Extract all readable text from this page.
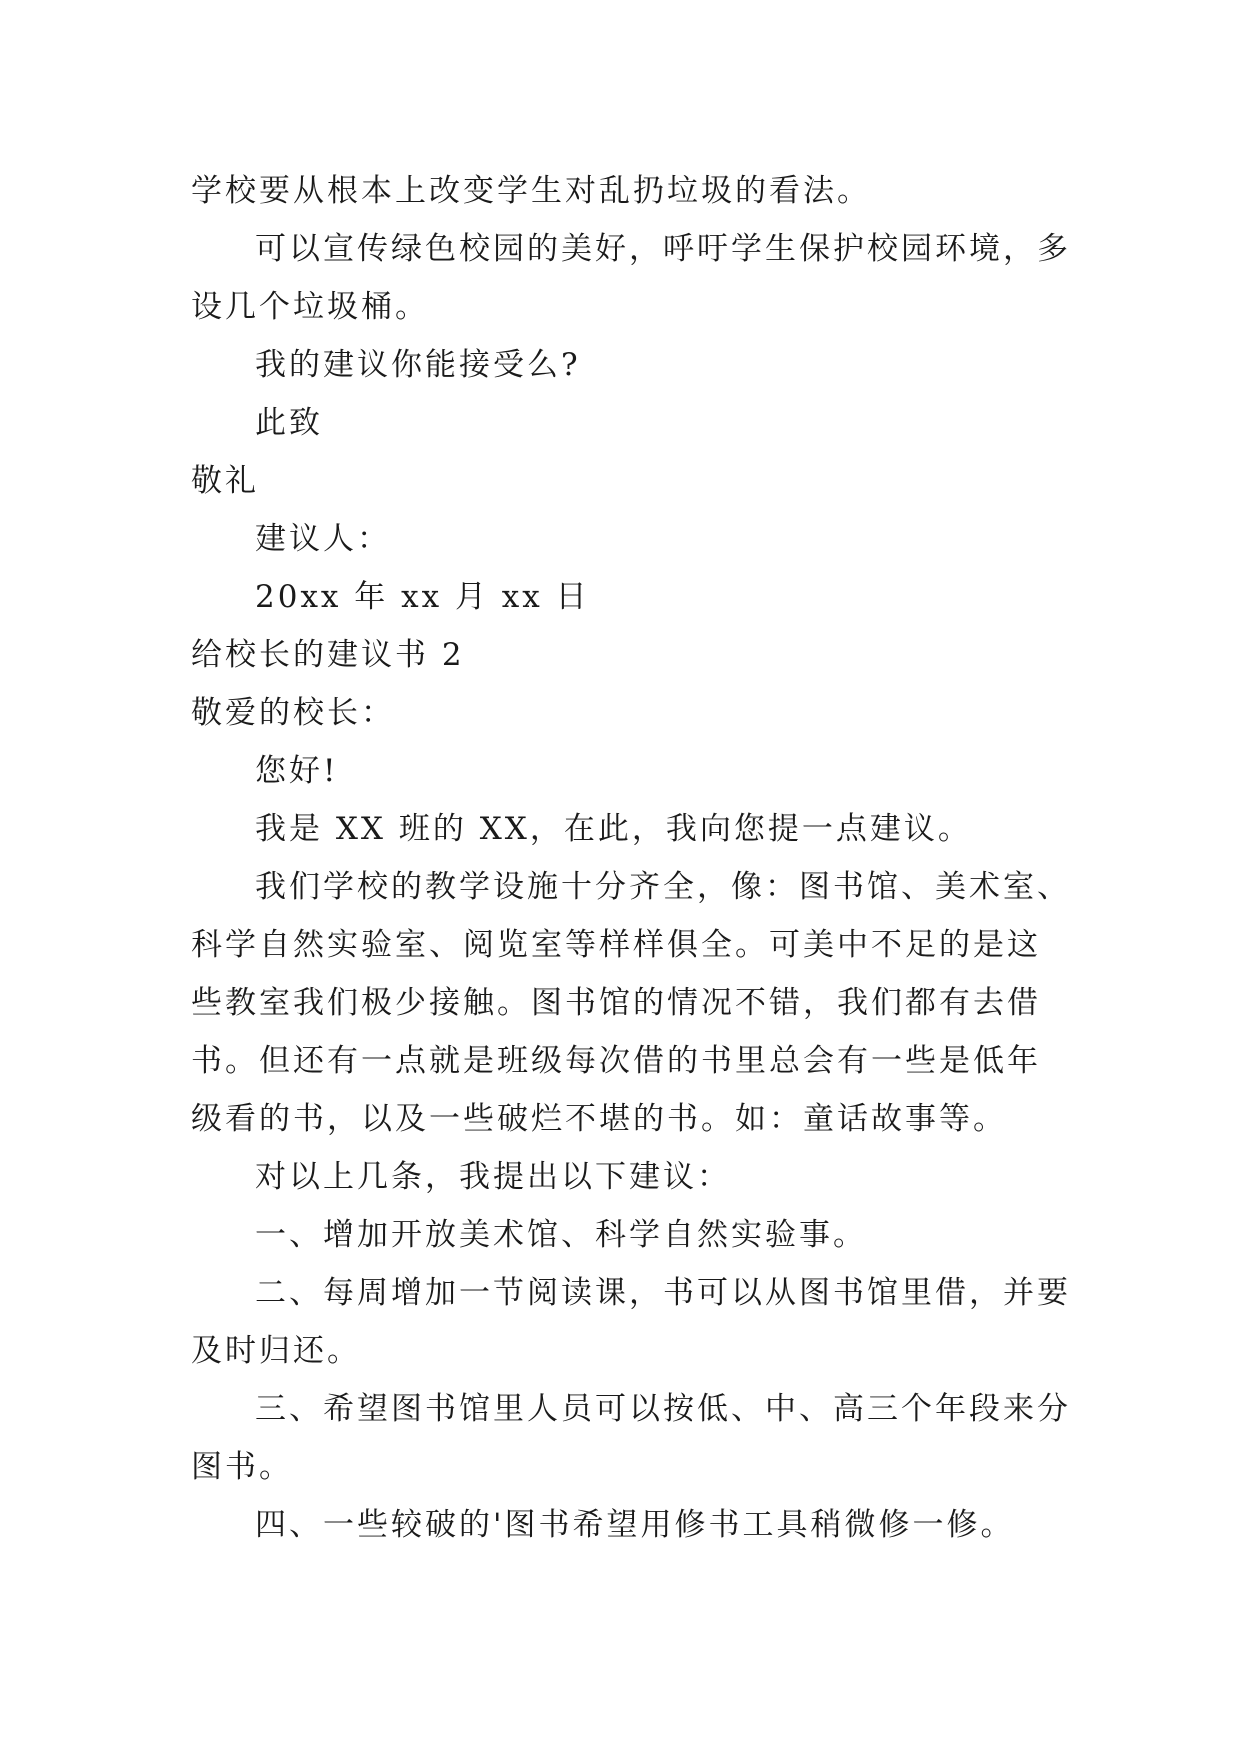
学校要从根本上改变学生对乱扔垃圾的看法。

可以宣传绿色校园的美好，呼吁学生保护校园环境，多设几个垃圾桶。

我的建议你能接受么?

此致

敬礼

建议人：

20xx 年 xx 月 xx 日

给校长的建议书 2

敬爱的校长：

您好!

我是 XX 班的 XX，在此，我向您提一点建议。

我们学校的教学设施十分齐全，像：图书馆、美术室、科学自然实验室、阅览室等样样俱全。可美中不足的是这些教室我们极少接触。图书馆的情况不错，我们都有去借书。但还有一点就是班级每次借的书里总会有一些是低年级看的书，以及一些破烂不堪的书。如：童话故事等。

对以上几条，我提出以下建议：

一、增加开放美术馆、科学自然实验事。

二、每周增加一节阅读课，书可以从图书馆里借，并要及时归还。

三、希望图书馆里人员可以按低、中、高三个年段来分图书。

四、一些较破的'图书希望用修书工具稍微修一修。
